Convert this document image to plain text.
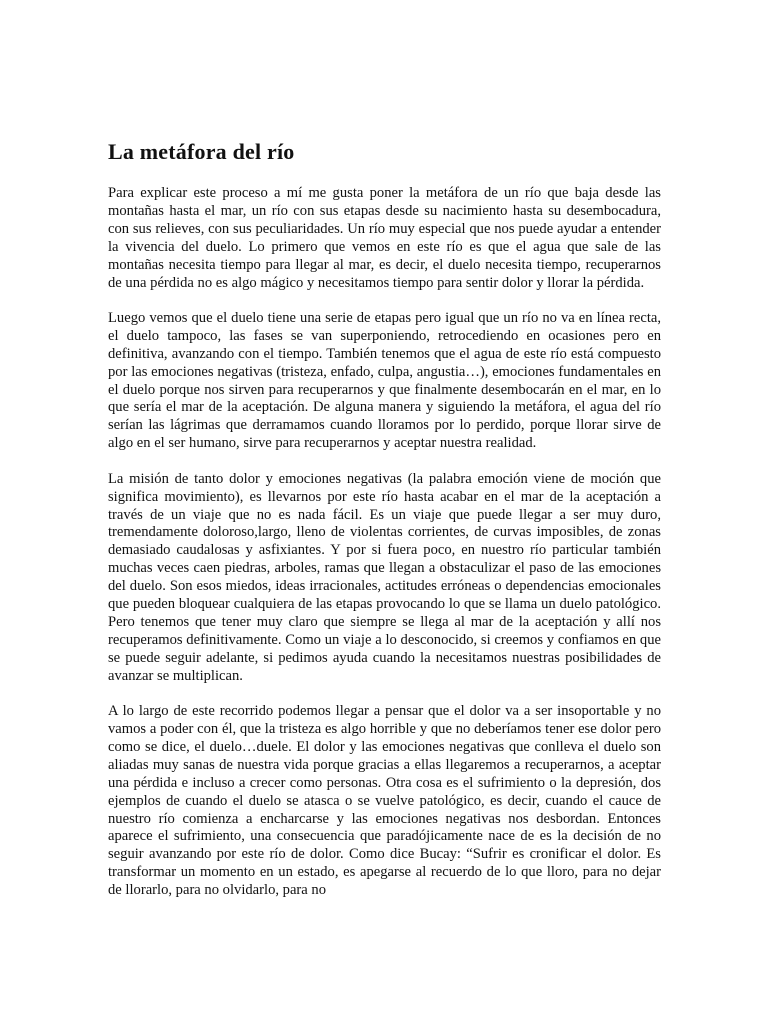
La metáfora del río

Para explicar este proceso a mí me gusta poner la metáfora de un río que baja desde las montañas hasta el mar, un río con sus etapas desde su nacimiento hasta su desembocadura, con sus relieves, con sus peculiaridades. Un río muy especial que nos puede ayudar a entender la vivencia del duelo. Lo primero que vemos en este río es que el agua que sale de las montañas necesita tiempo para llegar al mar, es decir, el duelo necesita tiempo, recuperarnos de una pérdida no es algo mágico y necesitamos tiempo para sentir dolor y llorar la pérdida.

Luego vemos que el duelo tiene una serie de etapas pero igual que un río no va en línea recta, el duelo tampoco, las fases se van superponiendo, retrocediendo en ocasiones pero en definitiva, avanzando con el tiempo. También tenemos que el agua de este río está compuesto por las emociones negativas (tristeza, enfado, culpa, angustia…), emociones fundamentales en el duelo porque nos sirven para recuperarnos y que finalmente desembocarán en el mar, en lo que sería el mar de la aceptación. De alguna manera y siguiendo la metáfora, el agua del río serían las lágrimas que derramamos cuando lloramos por lo perdido, porque llorar sirve de algo en el ser humano, sirve para recuperarnos y aceptar nuestra realidad.

La misión de tanto dolor y emociones negativas (la palabra emoción viene de moción que significa movimiento), es llevarnos por este río hasta acabar en el mar de la aceptación a través de un viaje que no es nada fácil. Es un viaje que puede llegar a ser muy duro, tremendamente doloroso,largo, lleno de violentas corrientes, de curvas imposibles, de zonas demasiado caudalosas y asfixiantes. Y por si fuera poco, en nuestro río particular también muchas veces caen piedras, arboles, ramas que llegan a obstaculizar el paso de las emociones del duelo. Son esos miedos, ideas irracionales, actitudes erróneas o dependencias emocionales que pueden bloquear cualquiera de las etapas provocando lo que se llama un duelo patológico. Pero tenemos que tener muy claro que siempre se llega al mar de la aceptación y allí nos recuperamos definitivamente. Como un viaje a lo desconocido, si creemos y confiamos en que se puede seguir adelante, si pedimos ayuda cuando la necesitamos nuestras posibilidades de avanzar se multiplican.

A lo largo de este recorrido podemos llegar a pensar que el dolor va a ser insoportable y no vamos a poder con él, que la tristeza es algo horrible y que no deberíamos tener ese dolor pero como se dice, el duelo…duele. El dolor y las emociones negativas que conlleva el duelo son aliadas muy sanas de nuestra vida porque gracias a ellas llegaremos a recuperarnos, a aceptar una pérdida e incluso a crecer como personas. Otra cosa es el sufrimiento o la depresión, dos ejemplos de cuando el duelo se atasca o se vuelve patológico, es decir, cuando el cauce de nuestro río comienza a encharcarse y las emociones negativas nos desbordan. Entonces aparece el sufrimiento, una consecuencia que paradójicamente nace de es la decisión de no seguir avanzando por este río de dolor. Como dice Bucay: “Sufrir es cronificar el dolor. Es transformar un momento en un estado, es apegarse al recuerdo de lo que lloro, para no dejar de llorarlo, para no olvidarlo, para no
